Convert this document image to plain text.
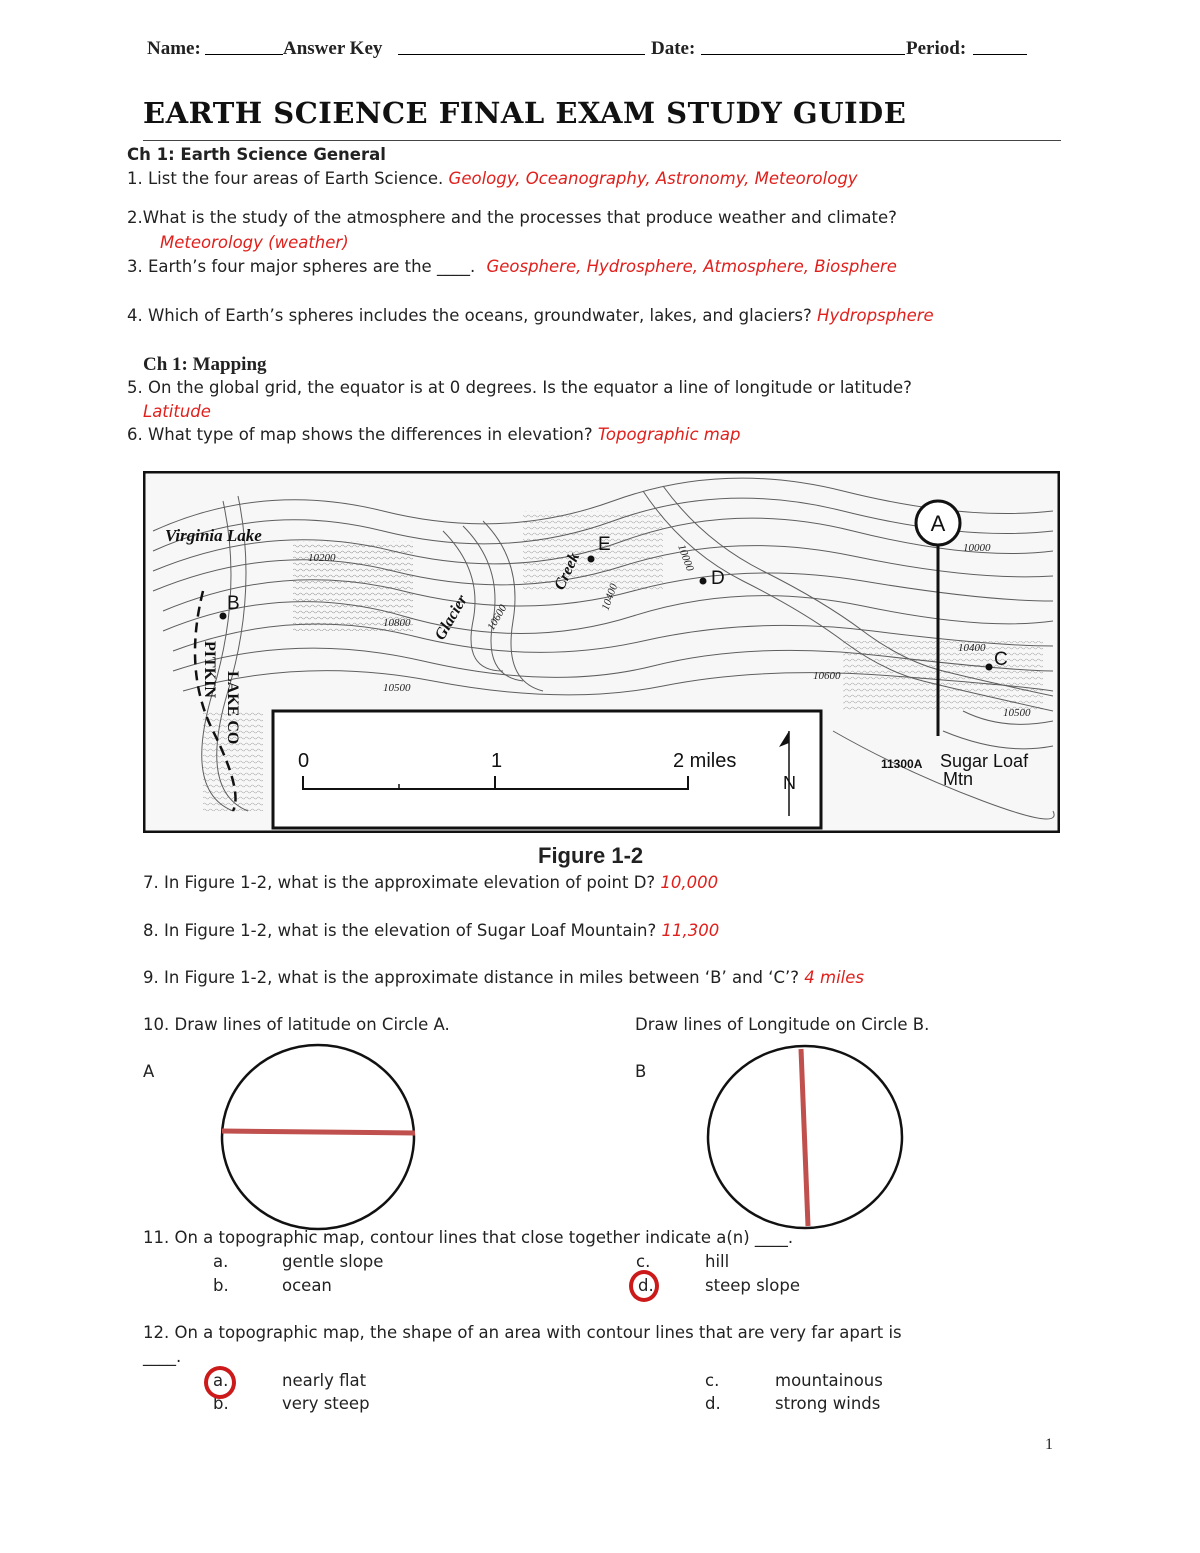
Name:	Answer Key	Date:	Period:
EARTH SCIENCE FINAL EXAM STUDY GUIDE
Ch 1: Earth Science General
1. List the four areas of Earth Science. Geology, Oceanography, Astronomy, Meteorology
2.What is the study of the atmosphere and the processes that produce weather and climate?
Meteorology (weather)
3. Earth’s four major spheres are the ____. Geosphere, Hydrosphere, Atmosphere, Biosphere
4. Which of Earth’s spheres includes the oceans, groundwater, lakes, and glaciers? Hydropsphere
Ch 1: Mapping
5. On the global grid, the equator is at 0 degrees. Is the equator a line of longitude or latitude?
Latitude
6. What type of map shows the differences in elevation? Topographic map
A
Virginia Lake
Creek
Glacier
PITKIN
LAKE CO
10200
10800
10000
10400
10600
10500
10000
10400
10600
10500
B
C
D
E
11300A Sugar Loaf
Mtn
0	1	2 miles
N
Figure 1-2
7. In Figure 1-2, what is the approximate elevation of point D? 10,000
8. In Figure 1-2, what is the elevation of Sugar Loaf Mountain? 11,300
9. In Figure 1-2, what is the approximate distance in miles between ‘B’ and ‘C’? 4 miles
10. Draw lines of latitude on Circle A.	Draw lines of Longitude on Circle B.
A	B
11. On a topographic map, contour lines that close together indicate a(n) ____.
a.	gentle slope
b.	ocean
c.	hill
d.	steep slope
12. On a topographic map, the shape of an area with contour lines that are very far apart is
____.
a.	nearly flat
b.	very steep
c.	mountainous
d.	strong winds
1
